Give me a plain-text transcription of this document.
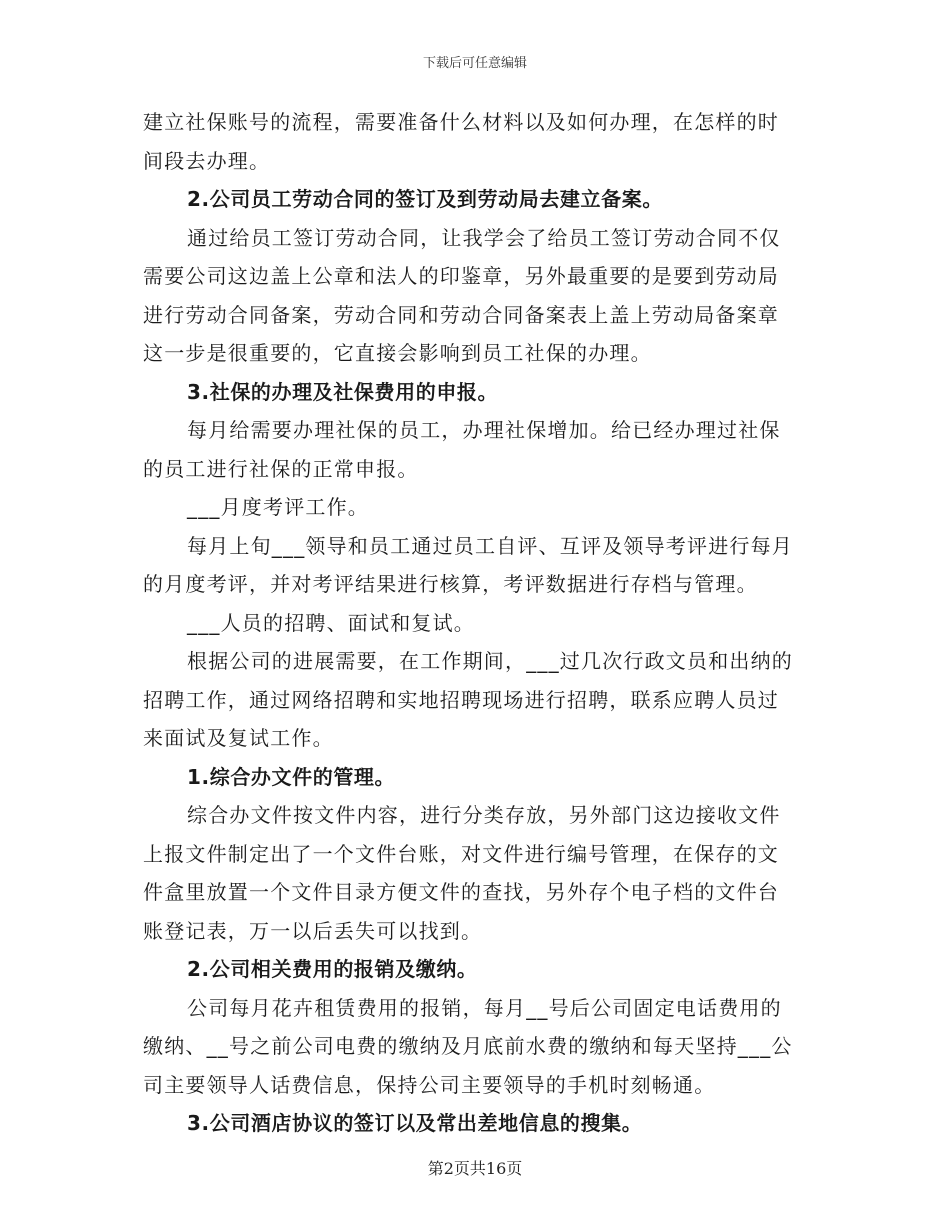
下载后可任意编辑
建立社保账号的流程，需要准备什么材料以及如何办理，在怎样的时
间段去办理。
2.公司员工劳动合同的签订及到劳动局去建立备案。
通过给员工签订劳动合同，让我学会了给员工签订劳动合同不仅
需要公司这边盖上公章和法人的印鉴章，另外最重要的是要到劳动局
进行劳动合同备案，劳动合同和劳动合同备案表上盖上劳动局备案章
这一步是很重要的，它直接会影响到员工社保的办理。
3.社保的办理及社保费用的申报。
每月给需要办理社保的员工，办理社保增加。给已经办理过社保
的员工进行社保的正常申报。
___月度考评工作。
每月上旬___领导和员工通过员工自评、互评及领导考评进行每月
的月度考评，并对考评结果进行核算，考评数据进行存档与管理。
___人员的招聘、面试和复试。
根据公司的进展需要，在工作期间，___过几次行政文员和出纳的
招聘工作，通过网络招聘和实地招聘现场进行招聘，联系应聘人员过
来面试及复试工作。
1.综合办文件的管理。
综合办文件按文件内容，进行分类存放，另外部门这边接收文件
上报文件制定出了一个文件台账，对文件进行编号管理，在保存的文
件盒里放置一个文件目录方便文件的查找，另外存个电子档的文件台
账登记表，万一以后丢失可以找到。
2.公司相关费用的报销及缴纳。
公司每月花卉租赁费用的报销，每月__号后公司固定电话费用的
缴纳、__号之前公司电费的缴纳及月底前水费的缴纳和每天坚持___公
司主要领导人话费信息，保持公司主要领导的手机时刻畅通。
3.公司酒店协议的签订以及常出差地信息的搜集。
第2页共16页
